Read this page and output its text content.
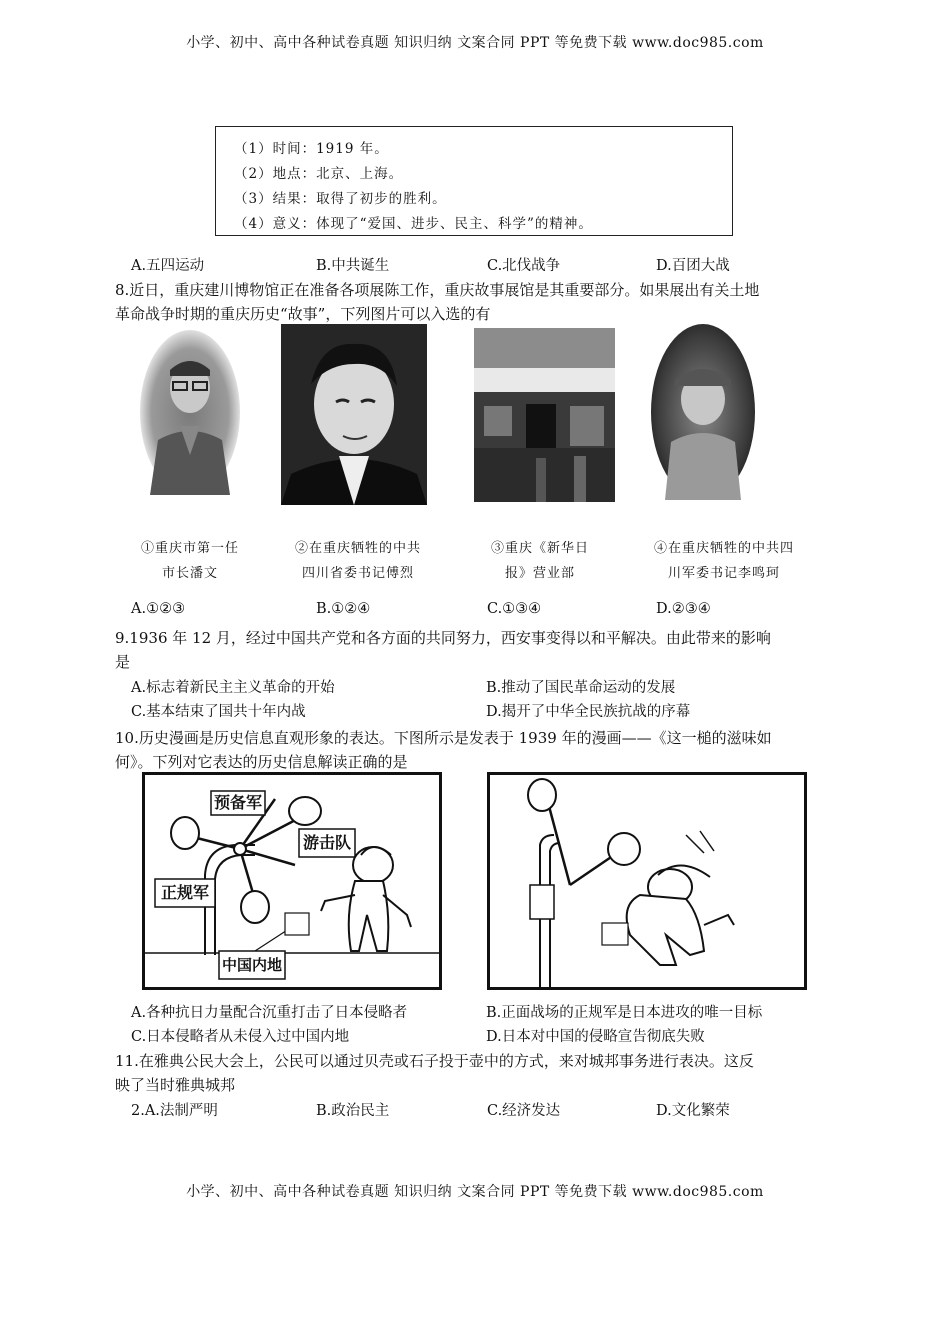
小学、初中、高中各种试卷真题 知识归纳 文案合同 PPT 等免费下载 www.doc985.com
（1）时间：1919 年。
（2）地点：北京、上海。
（3）结果：取得了初步的胜利。
（4）意义：体现了“爱国、进步、民主、科学”的精神。
A.五四运动	B.中共诞生	C.北伐战争	D.百团大战
8.近日，重庆建川博物馆正在准备各项展陈工作，重庆故事展馆是其重要部分。如果展出有关土地
革命战争时期的重庆历史“故事”，下列图片可以入选的有
①重庆市第一任
市长潘文
②在重庆牺牲的中共
四川省委书记傅烈
③重庆《新华日
报》营业部
④在重庆牺牲的中共四
川军委书记李鸣珂
A.①②③	B.①②④	C.①③④	D.②③④
9.1936 年 12 月，经过中国共产党和各方面的共同努力，西安事变得以和平解决。由此带来的影响
是
A.标志着新民主主义革命的开始	B.推动了国民革命运动的发展
C.基本结束了国共十年内战	D.揭开了中华全民族抗战的序幕
10.历史漫画是历史信息直观形象的表达。下图所示是发表于 1939 年的漫画——《这一槌的滋味如
何》。下列对它表达的历史信息解读正确的是
预备军
游击队
正规军
中国内地
A.各种抗日力量配合沉重打击了日本侵略者	B.正面战场的正规军是日本进攻的唯一目标
C.日本侵略者从未侵入过中国内地	D.日本对中国的侵略宣告彻底失败
11.在雅典公民大会上，公民可以通过贝壳或石子投于壶中的方式，来对城邦事务进行表决。这反
映了当时雅典城邦
2.A.法制严明	B.政治民主	C.经济发达	D.文化繁荣
小学、初中、高中各种试卷真题 知识归纳 文案合同 PPT 等免费下载 www.doc985.com
